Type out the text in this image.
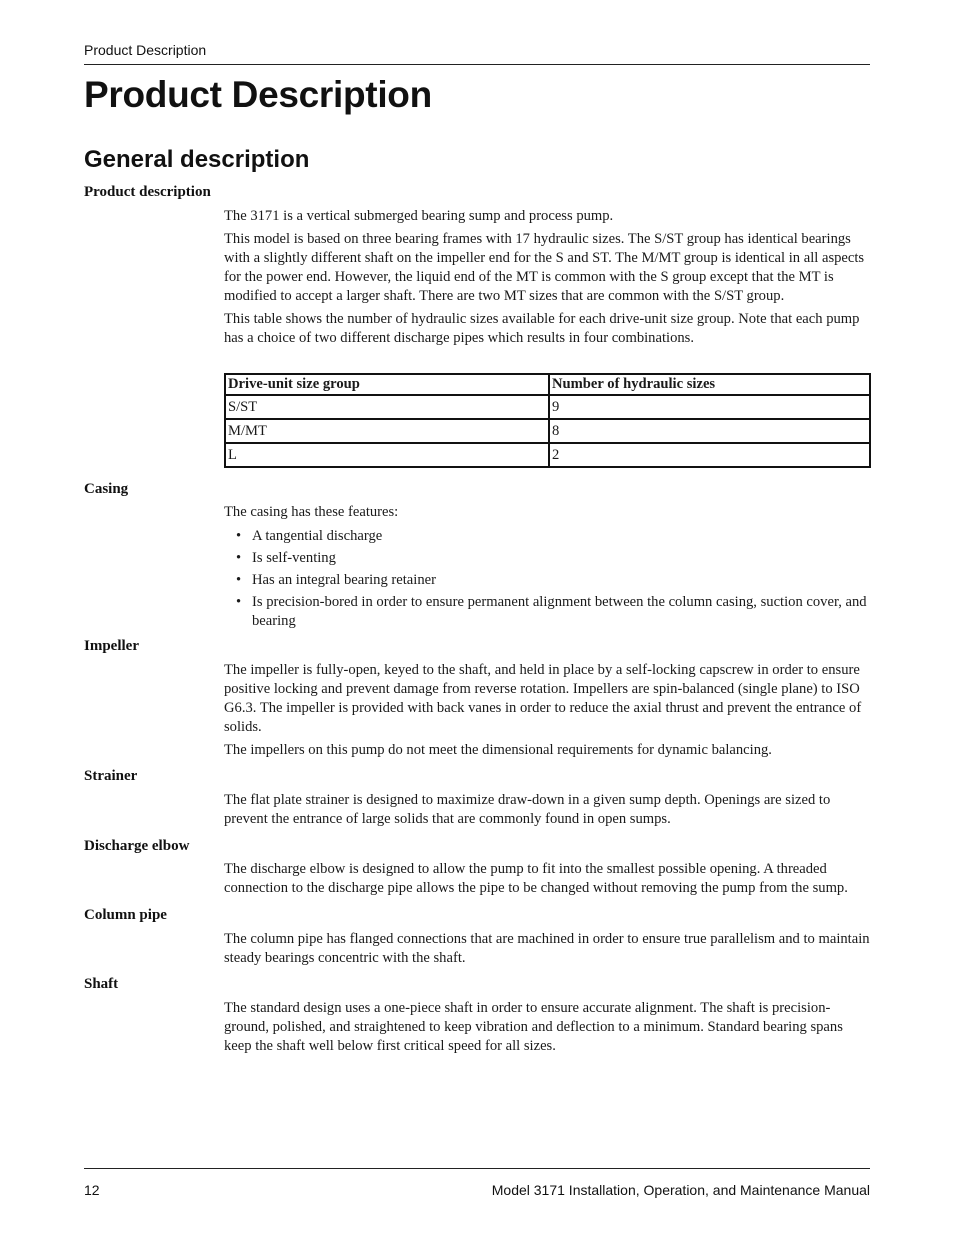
Product Description
Product Description
General description
Product description

The 3171 is a vertical submerged bearing sump and process pump.

This model is based on three bearing frames with 17 hydraulic sizes. The S/ST group has identical bearings with a slightly different shaft on the impeller end for the S and ST. The M/MT group is identical in all aspects for the power end. However, the liquid end of the MT is common with the S group except that the MT is modified to accept a larger shaft. There are two MT sizes that are common with the S/ST group.

This table shows the number of hydraulic sizes available for each drive-unit size group. Note that each pump has a choice of two different discharge pipes which results in four combinations.

Drive-unit size group	Number of hydraulic sizes
S/ST	9
M/MT	8
L	2
Casing

The casing has these features:

• A tangential discharge
• Is self-venting
• Has an integral bearing retainer
• Is precision-bored in order to ensure permanent alignment between the column casing, suction cover, and bearing
Impeller

The impeller is fully-open, keyed to the shaft, and held in place by a self-locking capscrew in order to ensure positive locking and prevent damage from reverse rotation. Impellers are spin-balanced (single plane) to ISO G6.3. The impeller is provided with back vanes in order to reduce the axial thrust and prevent the entrance of solids.

The impellers on this pump do not meet the dimensional requirements for dynamic balancing.

Strainer

The flat plate strainer is designed to maximize draw-down in a given sump depth. Openings are sized to prevent the entrance of large solids that are commonly found in open sumps.

Discharge elbow

The discharge elbow is designed to allow the pump to fit into the smallest possible opening. A threaded connection to the discharge pipe allows the pipe to be changed without removing the pump from the sump.

Column pipe

The column pipe has flanged connections that are machined in order to ensure true parallelism and to maintain steady bearings concentric with the shaft.

Shaft

The standard design uses a one-piece shaft in order to ensure accurate alignment. The shaft is precision-ground, polished, and straightened to keep vibration and deflection to a minimum. Standard bearing spans keep the shaft well below first critical speed for all sizes.

12	Model 3171 Installation, Operation, and Maintenance Manual
